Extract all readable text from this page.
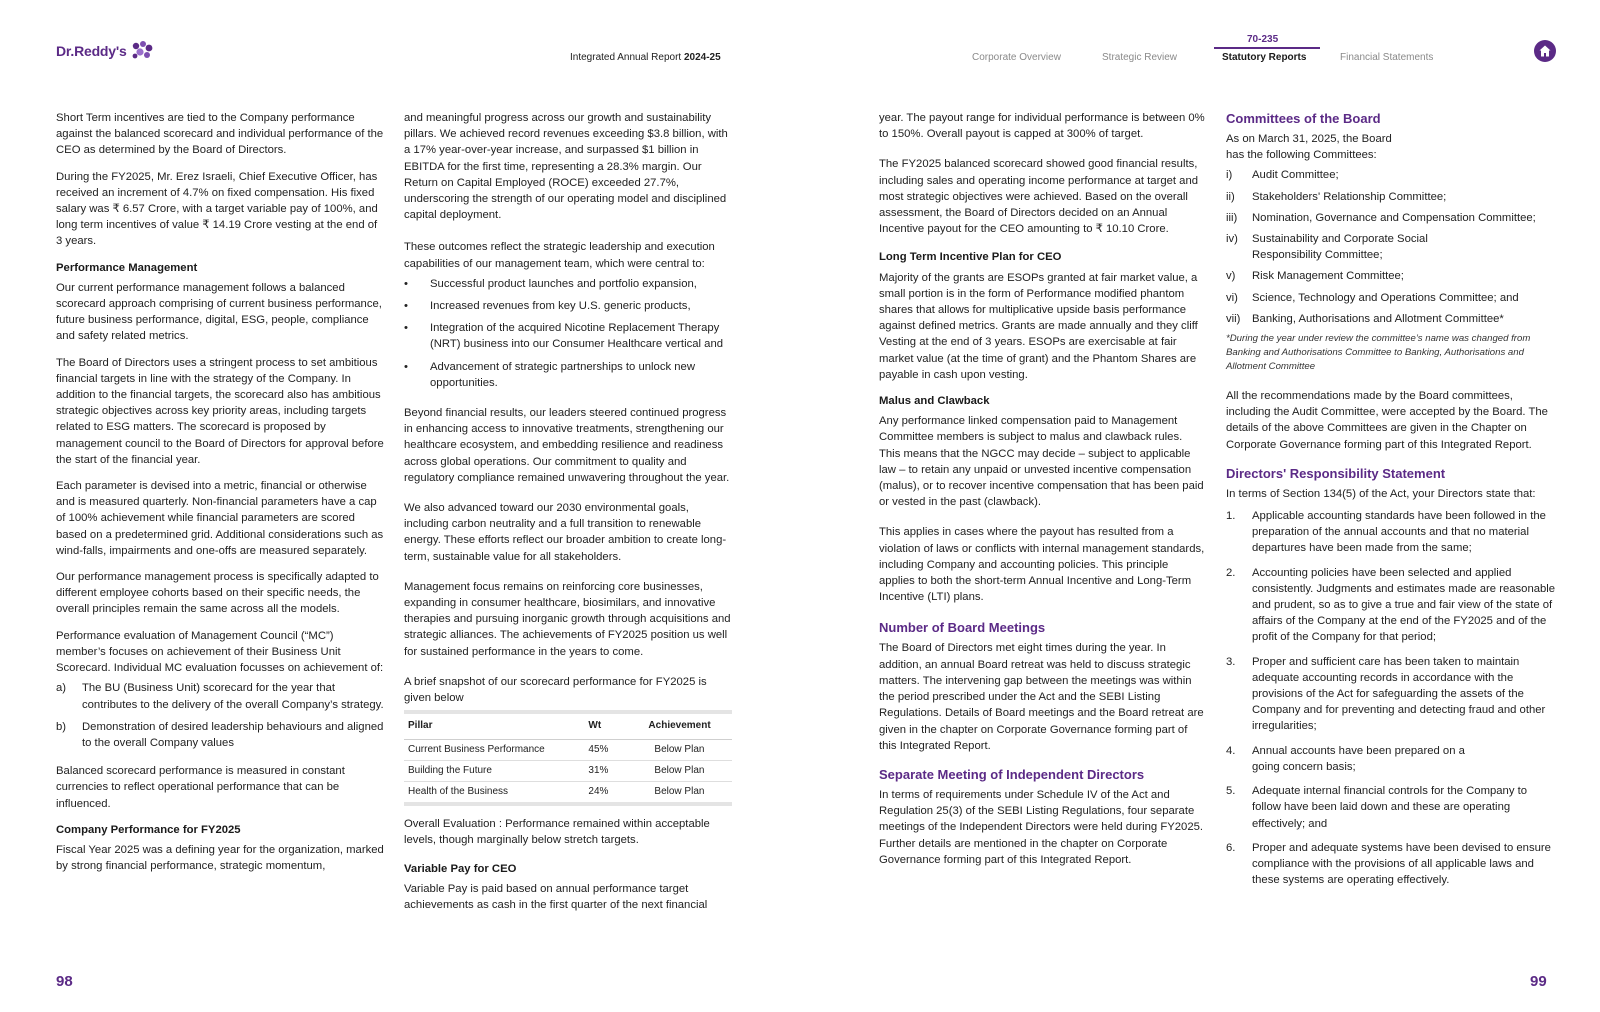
Dr.Reddy's	Integrated Annual Report 2024-25	Corporate Overview	Strategic Review
70-235
Statutory Reports	Financial Statements

Short Term incentives are tied to the Company performance against the balanced scorecard and individual performance of the CEO as determined by the Board of Directors.

During the FY2025, Mr. Erez Israeli, Chief Executive Officer, has received an increment of 4.7% on fixed compensation. His fixed salary was ₹ 6.57 Crore, with a target variable pay of 100%, and long term incentives of value ₹ 14.19 Crore vesting at the end of 3 years.

Performance Management

Our current performance management follows a balanced scorecard approach comprising of current business performance, future business performance, digital, ESG, people, compliance and safety related metrics.

The Board of Directors uses a stringent process to set ambitious financial targets in line with the strategy of the Company. In addition to the financial targets, the scorecard also has ambitious strategic objectives across key priority areas, including targets related to ESG matters. The scorecard is proposed by management council to the Board of Directors for approval before the start of the financial year.

Each parameter is devised into a metric, financial or otherwise and is measured quarterly. Non-financial parameters have a cap of 100% achievement while financial parameters are scored based on a predetermined grid. Additional considerations such as wind-falls, impairments and one-offs are measured separately.

Our performance management process is specifically adapted to different employee cohorts based on their specific needs, the overall principles remain the same across all the models.

Performance evaluation of Management Council (“MC”) member’s focuses on achievement of their Business Unit Scorecard. Individual MC evaluation focusses on achievement of:

a)	The BU (Business Unit) scorecard for the year that contributes to the delivery of the overall Company’s strategy.
b)	Demonstration of desired leadership behaviours and aligned to the overall Company values

Balanced scorecard performance is measured in constant currencies to reflect operational performance that can be influenced.

Company Performance for FY2025

Fiscal Year 2025 was a defining year for the organization, marked by strong financial performance, strategic momentum,

and meaningful progress across our growth and sustainability pillars. We achieved record revenues exceeding $3.8 billion, with a 17% year-over-year increase, and surpassed $1 billion in EBITDA for the first time, representing a 28.3% margin. Our Return on Capital Employed (ROCE) exceeded 27.7%, underscoring the strength of our operating model and disciplined capital deployment.

These outcomes reflect the strategic leadership and execution capabilities of our management team, which were central to:

•	Successful product launches and portfolio expansion,
•	Increased revenues from key U.S. generic products,
•	Integration of the acquired Nicotine Replacement Therapy (NRT) business into our Consumer Healthcare vertical and
•	Advancement of strategic partnerships to unlock new opportunities.

Beyond financial results, our leaders steered continued progress in enhancing access to innovative treatments, strengthening our healthcare ecosystem, and embedding resilience and readiness across global operations. Our commitment to quality and regulatory compliance remained unwavering throughout the year.

We also advanced toward our 2030 environmental goals, including carbon neutrality and a full transition to renewable energy. These efforts reflect our broader ambition to create long-term, sustainable value for all stakeholders.

Management focus remains on reinforcing core businesses, expanding in consumer healthcare, biosimilars, and innovative therapies and pursuing inorganic growth through acquisitions and strategic alliances. The achievements of FY2025 position us well for sustained performance in the years to come.

A brief snapshot of our scorecard performance for FY2025 is given below

Pillar	Wt	Achievement
Current Business Performance	45%	Below Plan
Building the Future	31%	Below Plan
Health of the Business	24%	Below Plan

Overall Evaluation : Performance remained within acceptable levels, though marginally below stretch targets.

Variable Pay for CEO

Variable Pay is paid based on annual performance target achievements as cash in the first quarter of the next financial

98

year. The payout range for individual performance is between 0% to 150%. Overall payout is capped at 300% of target.

The FY2025 balanced scorecard showed good financial results, including sales and operating income performance at target and most strategic objectives were achieved. Based on the overall assessment, the Board of Directors decided on an Annual Incentive payout for the CEO amounting to ₹ 10.10 Crore.

Long Term Incentive Plan for CEO

Majority of the grants are ESOPs granted at fair market value, a small portion is in the form of Performance modified phantom shares that allows for multiplicative upside basis performance against defined metrics. Grants are made annually and they cliff Vesting at the end of 3 years. ESOPs are exercisable at fair market value (at the time of grant) and the Phantom Shares are payable in cash upon vesting.

Malus and Clawback

Any performance linked compensation paid to Management Committee members is subject to malus and clawback rules. This means that the NGCC may decide – subject to applicable law – to retain any unpaid or unvested incentive compensation (malus), or to recover incentive compensation that has been paid or vested in the past (clawback).

This applies in cases where the payout has resulted from a violation of laws or conflicts with internal management standards, including Company and accounting policies. This principle applies to both the short-term Annual Incentive and Long-Term Incentive (LTI) plans.

Number of Board Meetings

The Board of Directors met eight times during the year. In addition, an annual Board retreat was held to discuss strategic matters. The intervening gap between the meetings was within the period prescribed under the Act and the SEBI Listing Regulations. Details of Board meetings and the Board retreat are given in the chapter on Corporate Governance forming part of this Integrated Report.

Separate Meeting of Independent Directors

In terms of requirements under Schedule IV of the Act and Regulation 25(3) of the SEBI Listing Regulations, four separate meetings of the Independent Directors were held during FY2025. Further details are mentioned in the chapter on Corporate Governance forming part of this Integrated Report.

Committees of the Board

As on March 31, 2025, the Board has the following Committees:

i)	Audit Committee;
ii)	Stakeholders' Relationship Committee;
iii)	Nomination, Governance and Compensation Committee;
iv)	Sustainability and Corporate Social Responsibility Committee;
v)	Risk Management Committee;
vi)	Science, Technology and Operations Committee; and
vii)	Banking, Authorisations and Allotment Committee*

*During the year under review the committee’s name was changed from Banking and Authorisations Committee to Banking, Authorisations and Allotment Committee

All the recommendations made by the Board committees, including the Audit Committee, were accepted by the Board. The details of the above Committees are given in the Chapter on Corporate Governance forming part of this Integrated Report.

Directors' Responsibility Statement

In terms of Section 134(5) of the Act, your Directors state that:

1.	Applicable accounting standards have been followed in the preparation of the annual accounts and that no material departures have been made from the same;
2.	Accounting policies have been selected and applied consistently. Judgments and estimates made are reasonable and prudent, so as to give a true and fair view of the state of affairs of the Company at the end of the FY2025 and of the profit of the Company for that period;
3.	Proper and sufficient care has been taken to maintain adequate accounting records in accordance with the provisions of the Act for safeguarding the assets of the Company and for preventing and detecting fraud and other irregularities;
4.	Annual accounts have been prepared on a going concern basis;
5.	Adequate internal financial controls for the Company to follow have been laid down and these are operating effectively; and
6.	Proper and adequate systems have been devised to ensure compliance with the provisions of all applicable laws and these systems are operating effectively.
99
